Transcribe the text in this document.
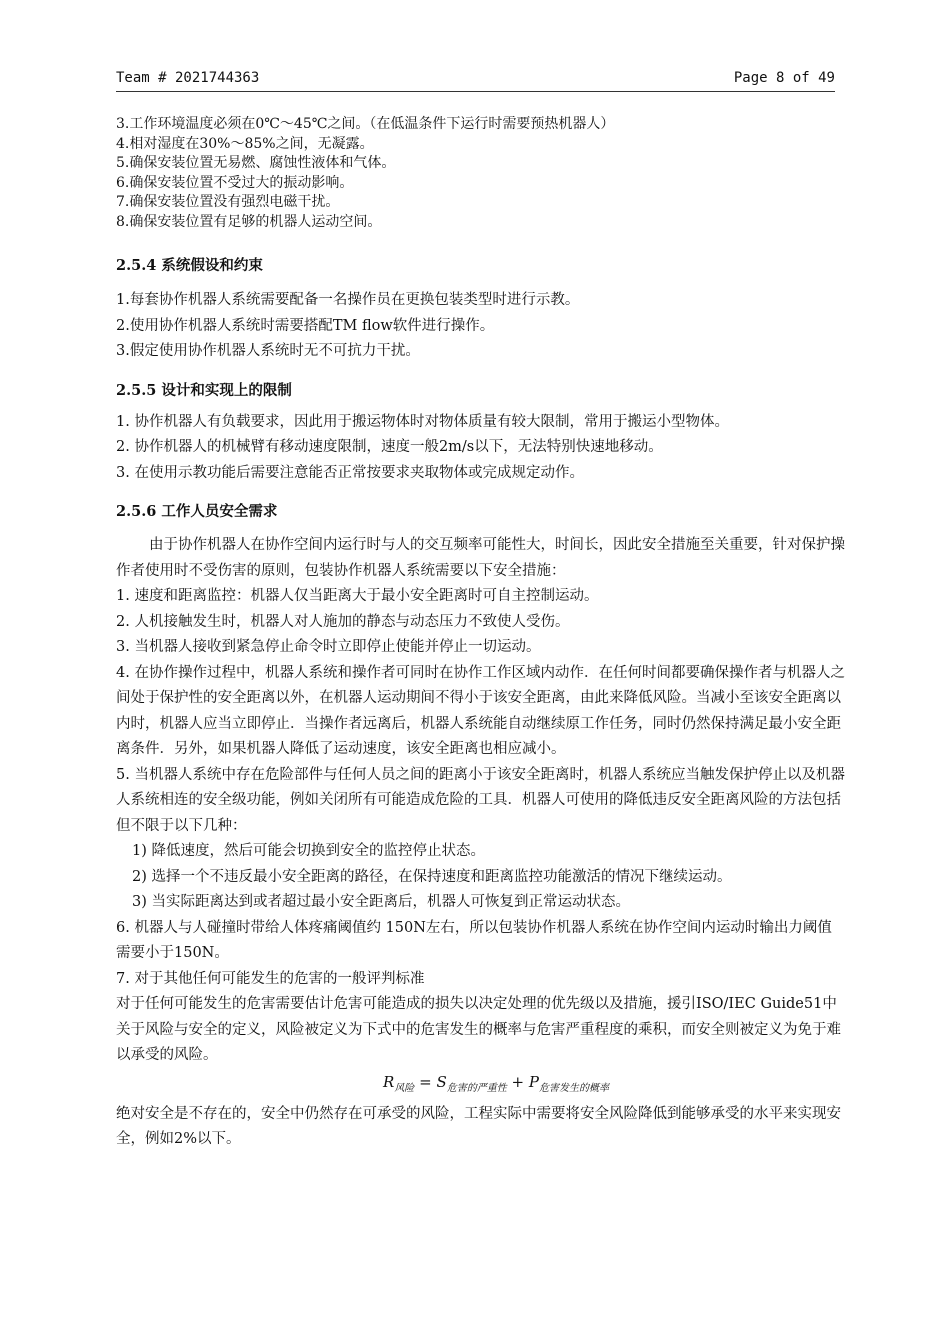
Team # 2021744363	Page 8 of 49

3.工作环境温度必须在0℃～45℃之间。（在低温条件下运行时需要预热机器人）

4.相对湿度在30%～85%之间，无凝露。

5.确保安装位置无易燃、腐蚀性液体和气体。

6.确保安装位置不受过大的振动影响。

7.确保安装位置没有强烈电磁干扰。

8.确保安装位置有足够的机器人运动空间。

2.5.4 系统假设和约束

1.每套协作机器人系统需要配备一名操作员在更换包装类型时进行示教。

2.使用协作机器人系统时需要搭配TM flow软件进行操作。

3.假定使用协作机器人系统时无不可抗力干扰。

2.5.5 设计和实现上的限制

1. 协作机器人有负载要求，因此用于搬运物体时对物体质量有较大限制，常用于搬运小型物体。

2. 协作机器人的机械臂有移动速度限制，速度一般2m/s以下，无法特别快速地移动。

3. 在使用示教功能后需要注意能否正常按要求夹取物体或完成规定动作。

2.5.6 工作人员安全需求

由于协作机器人在协作空间内运行时与人的交互频率可能性大，时间长，因此安全措施至关重要，针对保护操作者使用时不受伤害的原则，包装协作机器人系统需要以下安全措施：

1. 速度和距离监控：机器人仅当距离大于最小安全距离时可自主控制运动。

2. 人机接触发生时，机器人对人施加的静态与动态压力不致使人受伤。

3. 当机器人接收到紧急停止命令时立即停止使能并停止一切运动。

4. 在协作操作过程中，机器人系统和操作者可同时在协作工作区域内动作．在任何时间都要确保操作者与机器人之间处于保护性的安全距离以外，在机器人运动期间不得小于该安全距离，由此来降低风险。当减小至该安全距离以内时，机器人应当立即停止．当操作者远离后，机器人系统能自动继续原工作任务，同时仍然保持满足最小安全距离条件．另外，如果机器人降低了运动速度，该安全距离也相应减小。

5. 当机器人系统中存在危险部件与任何人员之间的距离小于该安全距离时，机器人系统应当触发保护停止以及机器人系统相连的安全级功能，例如关闭所有可能造成危险的工具．机器人可使用的降低违反安全距离风险的方法包括但不限于以下几种：

1) 降低速度，然后可能会切换到安全的监控停止状态。

2) 选择一个不违反最小安全距离的路径，在保持速度和距离监控功能激活的情况下继续运动。

3) 当实际距离达到或者超过最小安全距离后，机器人可恢复到正常运动状态。

6. 机器人与人碰撞时带给人体疼痛阈值约 150N左右，所以包装协作机器人系统在协作空间内运动时输出力阈值需要小于150N。

7. 对于其他任何可能发生的危害的一般评判标准

对于任何可能发生的危害需要估计危害可能造成的损失以决定处理的优先级以及措施，援引ISO/IEC Guide51中关于风险与安全的定义，风险被定义为下式中的危害发生的概率与危害严重程度的乘积，而安全则被定义为免于难以承受的风险。

$R_{风险} = S_{危害的严重性} + P_{危害发生的概率}$

绝对安全是不存在的，安全中仍然存在可承受的风险，工程实际中需要将安全风险降低到能够承受的水平来实现安全，例如2%以下。
